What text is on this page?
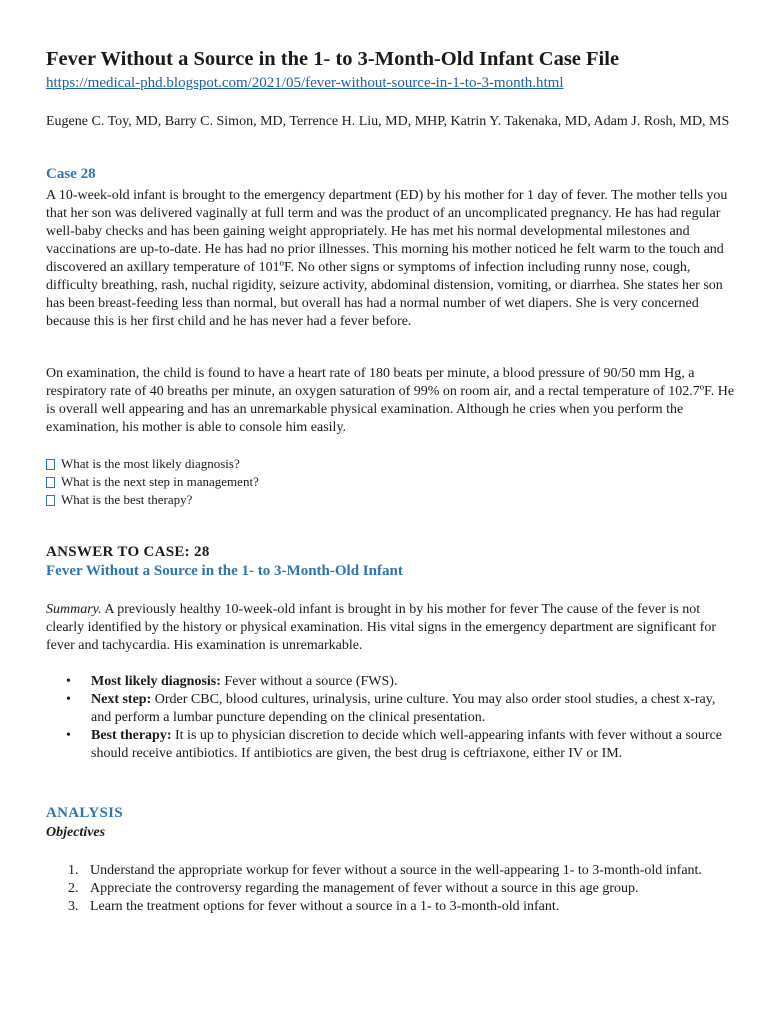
Fever Without a Source in the 1- to 3-Month-Old Infant Case File
https://medical-phd.blogspot.com/2021/05/fever-without-source-in-1-to-3-month.html

Eugene C. Toy, MD, Barry C. Simon, MD, Terrence H. Liu, MD, MHP, Katrin Y. Takenaka, MD, Adam J. Rosh, MD, MS

Case 28

A 10-week-old infant is brought to the emergency department (ED) by his mother for 1 day of fever. The mother tells you that her son was delivered vaginally at full term and was the product of an uncomplicated pregnancy. He has had regular well-baby checks and has been gaining weight appropriately. He has met his normal developmental milestones and vaccinations are up-to-date. He has had no prior illnesses. This morning his mother noticed he felt warm to the touch and discovered an axillary temperature of 101ºF. No other signs or symptoms of infection including runny nose, cough, difficulty breathing, rash, nuchal rigidity, seizure activity, abdominal distension, vomiting, or diarrhea. She states her son has been breast-feeding less than normal, but overall has had a normal number of wet diapers. She is very concerned because this is her first child and he has never had a fever before.

On examination, the child is found to have a heart rate of 180 beats per minute, a blood pressure of 90/50 mm Hg, a respiratory rate of 40 breaths per minute, an oxygen saturation of 99% on room air, and a rectal temperature of 102.7ºF. He is overall well appearing and has an unremarkable physical examination. Although he cries when you perform the examination, his mother is able to console him easily.

What is the most likely diagnosis?
What is the next step in management?
What is the best therapy?
ANSWER TO CASE: 28
Fever Without a Source in the 1- to 3-Month-Old Infant

Summary. A previously healthy 10-week-old infant is brought in by his mother for fever The cause of the fever is not clearly identified by the history or physical examination. His vital signs in the emergency department are significant for fever and tachycardia. His examination is unremarkable.

• Most likely diagnosis: Fever without a source (FWS).
• Next step: Order CBC, blood cultures, urinalysis, urine culture. You may also order stool studies, a chest x-ray, and perform a lumbar puncture depending on the clinical presentation.
• Best therapy: It is up to physician discretion to decide which well-appearing infants with fever without a source should receive antibiotics. If antibiotics are given, the best drug is ceftriaxone, either IV or IM.
ANALYSIS
Objectives
1. Understand the appropriate workup for fever without a source in the well-appearing 1- to 3-month-old infant.
2. Appreciate the controversy regarding the management of fever without a source in this age group.
3. Learn the treatment options for fever without a source in a 1- to 3-month-old infant.
